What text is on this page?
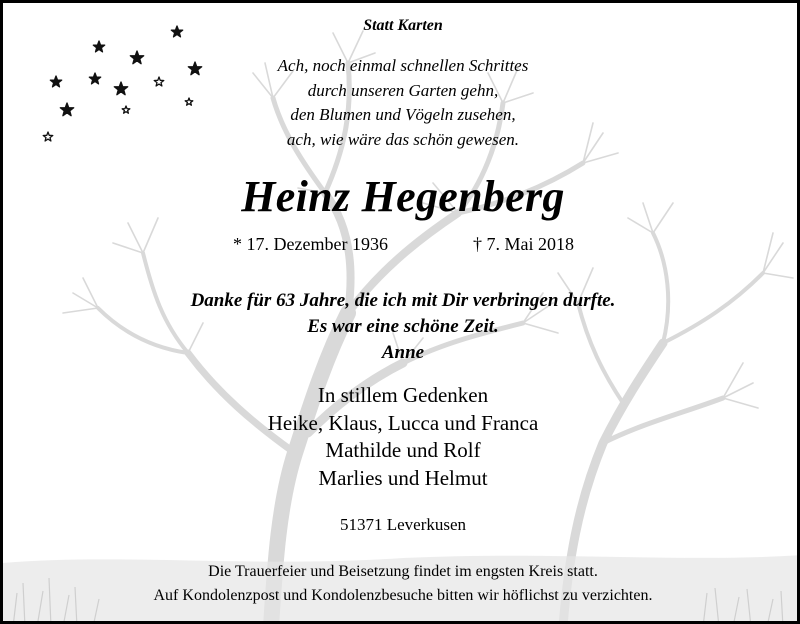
Statt Karten
Ach, noch einmal schnellen Schrittes
durch unseren Garten gehn,
den Blumen und Vögeln zusehen,
ach, wie wäre das schön gewesen.
Heinz Hegenberg
* 17. Dezember 1936	† 7. Mai 2018
Danke für 63 Jahre, die ich mit Dir verbringen durfte.
Es war eine schöne Zeit.
Anne
In stillem Gedenken
Heike, Klaus, Lucca und Franca
Mathilde und Rolf
Marlies und Helmut
51371 Leverkusen
Die Trauerfeier und Beisetzung findet im engsten Kreis statt.
Auf Kondolenzpost und Kondolenzbesuche bitten wir höflichst zu verzichten.
